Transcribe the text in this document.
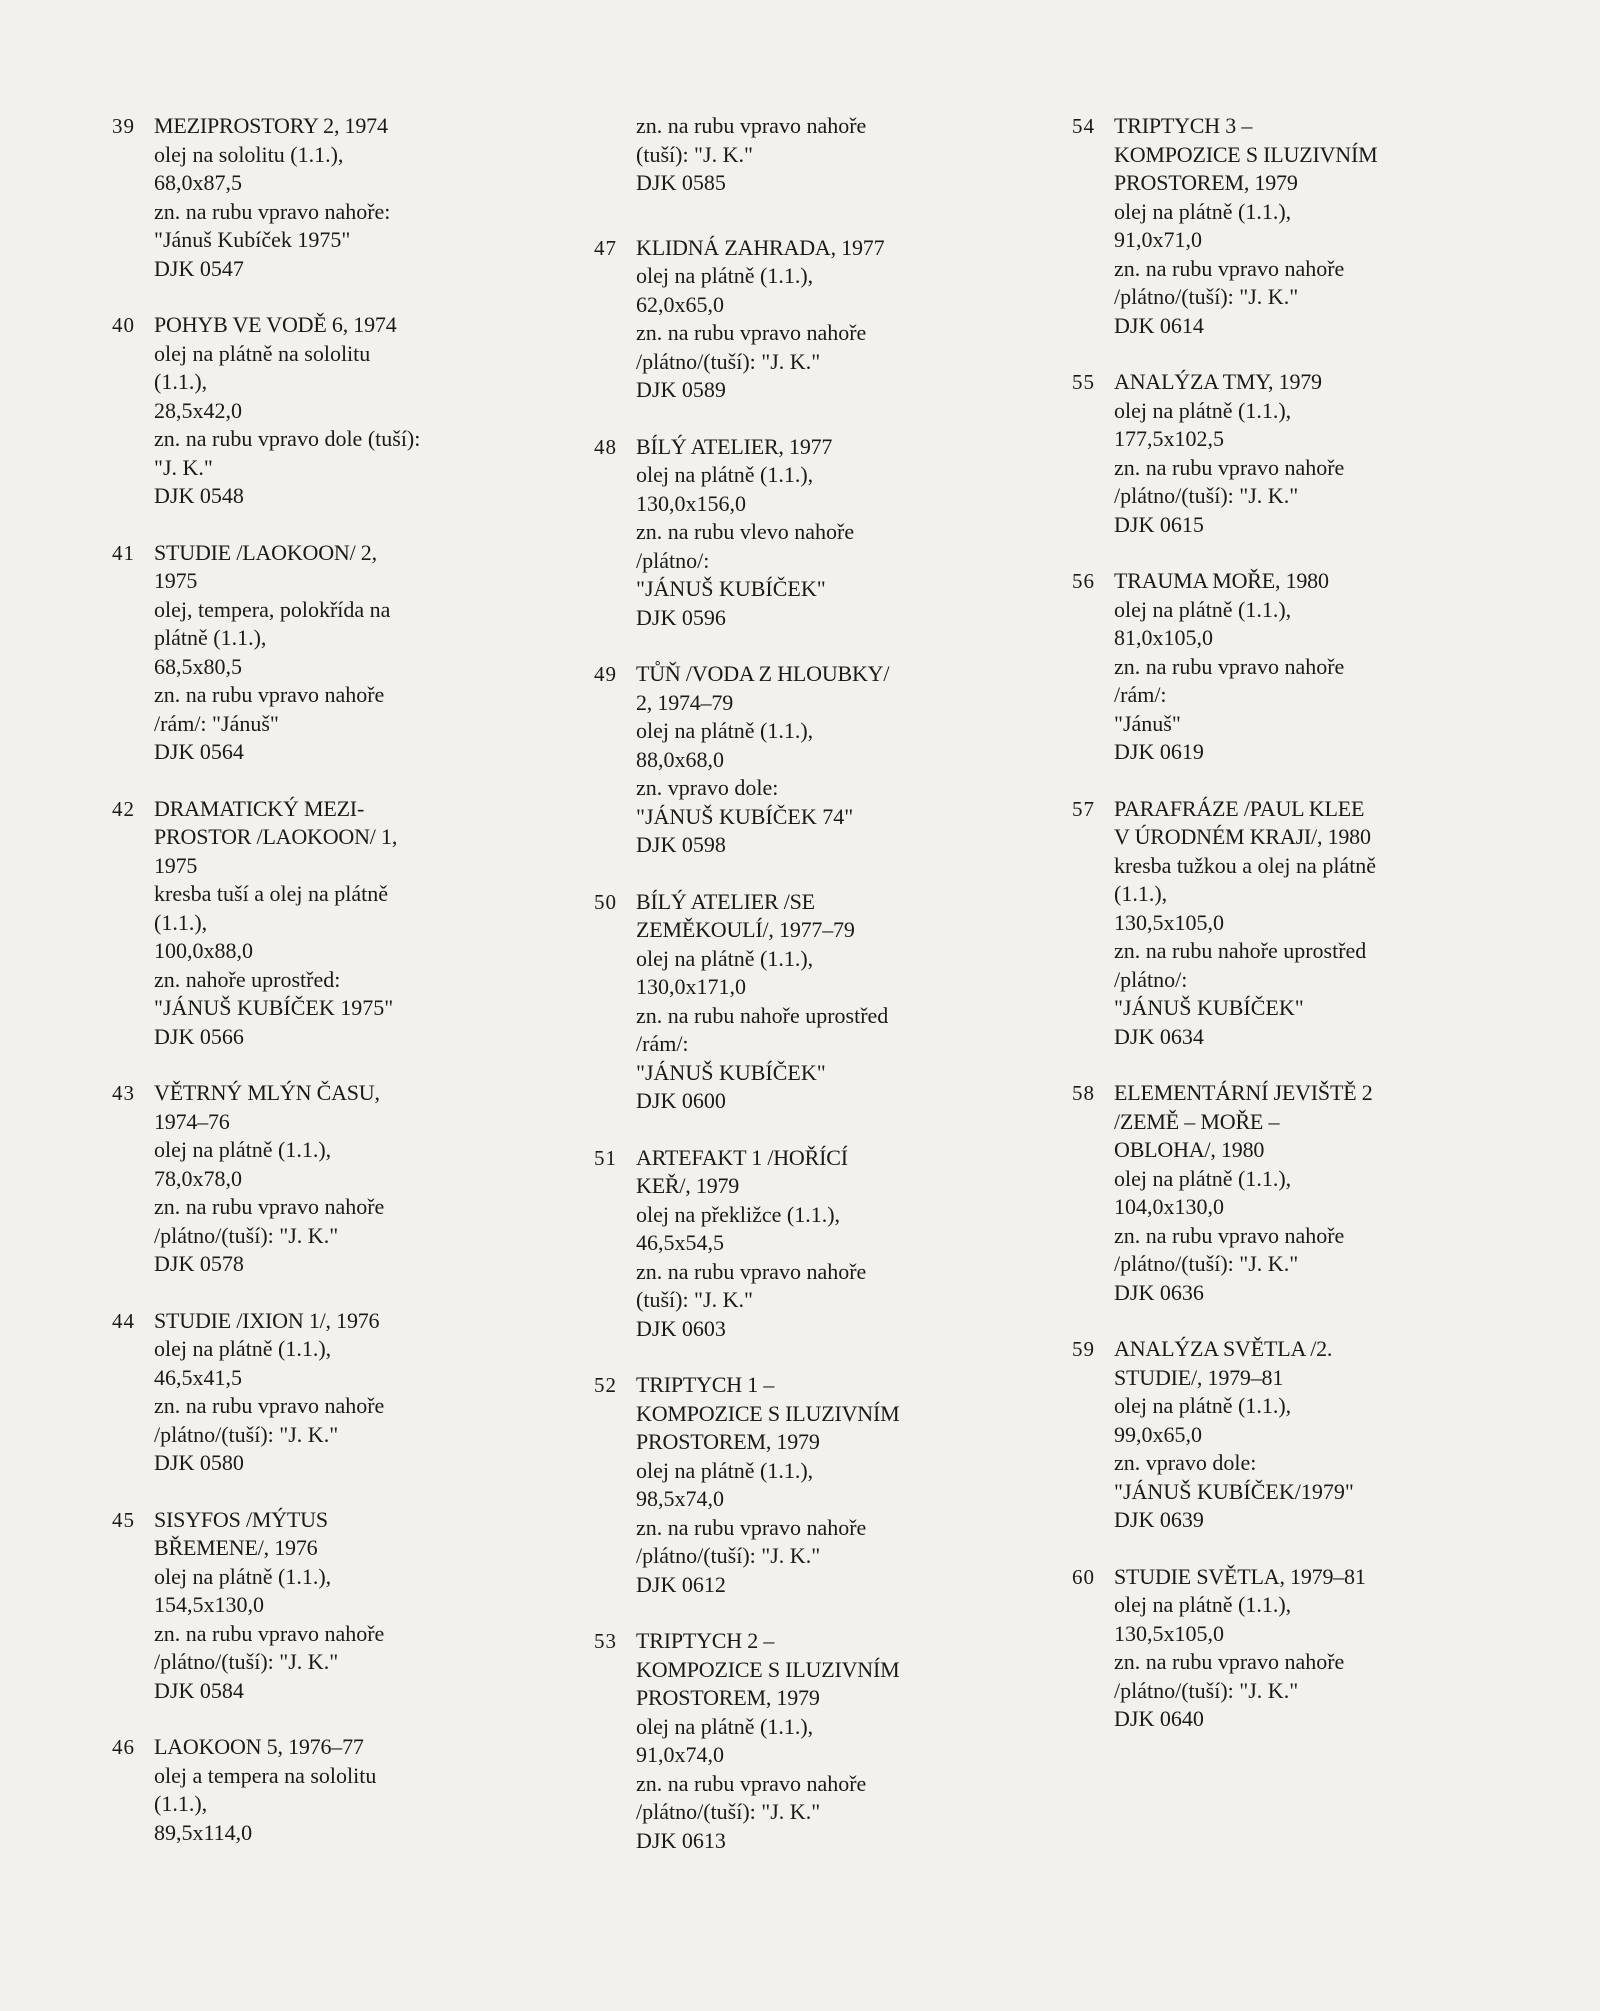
39 MEZIPROSTORY 2, 1974
olej na sololitu (1.1.),
68,0x87,5
zn. na rubu vpravo nahoře:
"Jánuš Kubíček 1975"
DJK 0547
40 POHYB VE VODĚ 6, 1974
olej na plátně na sololitu
(1.1.),
28,5x42,0
zn. na rubu vpravo dole (tuší):
"J. K."
DJK 0548
41 STUDIE /LAOKOON/ 2,
1975
olej, tempera, polokřída na
plátně (1.1.),
68,5x80,5
zn. na rubu vpravo nahoře
/rám/: "Jánuš"
DJK 0564
42 DRAMATICKÝ MEZI-
PROSTOR /LAOKOON/ 1,
1975
kresba tuší a olej na plátně
(1.1.),
100,0x88,0
zn. nahoře uprostřed:
"JÁNUŠ KUBÍČEK 1975"
DJK 0566
43 VĚTRNÝ MLÝN ČASU,
1974–76
olej na plátně (1.1.),
78,0x78,0
zn. na rubu vpravo nahoře
/plátno/(tuší): "J. K."
DJK 0578
44 STUDIE /IXION 1/, 1976
olej na plátně (1.1.),
46,5x41,5
zn. na rubu vpravo nahoře
/plátno/(tuší): "J. K."
DJK 0580
45 SISYFOS /MÝTUS
BŘEMENE/, 1976
olej na plátně (1.1.),
154,5x130,0
zn. na rubu vpravo nahoře
/plátno/(tuší): "J. K."
DJK 0584
46 LAOKOON 5, 1976–77
olej a tempera na sololitu
(1.1.),
89,5x114,0
zn. na rubu vpravo nahoře
(tuší): "J. K."
DJK 0585
47 KLIDNÁ ZAHRADA, 1977
olej na plátně (1.1.),
62,0x65,0
zn. na rubu vpravo nahoře
/plátno/(tuší): "J. K."
DJK 0589
48 BÍLÝ ATELIER, 1977
olej na plátně (1.1.),
130,0x156,0
zn. na rubu vlevo nahoře
/plátno/:
"JÁNUŠ KUBÍČEK"
DJK 0596
49 TŮŇ /VODA Z HLOUBKY/
2, 1974–79
olej na plátně (1.1.),
88,0x68,0
zn. vpravo dole:
"JÁNUŠ KUBÍČEK 74"
DJK 0598
50 BÍLÝ ATELIER /SE
ZEMĚKOULÍ/, 1977–79
olej na plátně (1.1.),
130,0x171,0
zn. na rubu nahoře uprostřed
/rám/:
"JÁNUŠ KUBÍČEK"
DJK 0600
51 ARTEFAKT 1 /HOŘÍCÍ
KEŘ/, 1979
olej na překližce (1.1.),
46,5x54,5
zn. na rubu vpravo nahoře
(tuší): "J. K."
DJK 0603
52 TRIPTYCH 1 –
KOMPOZICE S ILUZIVNÍM
PROSTOREM, 1979
olej na plátně (1.1.),
98,5x74,0
zn. na rubu vpravo nahoře
/plátno/(tuší): "J. K."
DJK 0612
53 TRIPTYCH 2 –
KOMPOZICE S ILUZIVNÍM
PROSTOREM, 1979
olej na plátně (1.1.),
91,0x74,0
zn. na rubu vpravo nahoře
/plátno/(tuší): "J. K."
DJK 0613
54 TRIPTYCH 3 –
KOMPOZICE S ILUZIVNÍM
PROSTOREM, 1979
olej na plátně (1.1.),
91,0x71,0
zn. na rubu vpravo nahoře
/plátno/(tuší): "J. K."
DJK 0614
55 ANALÝZA TMY, 1979
olej na plátně (1.1.),
177,5x102,5
zn. na rubu vpravo nahoře
/plátno/(tuší): "J. K."
DJK 0615
56 TRAUMA MOŘE, 1980
olej na plátně (1.1.),
81,0x105,0
zn. na rubu vpravo nahoře
/rám/:
"Jánuš"
DJK 0619
57 PARAFRÁZE /PAUL KLEE
V ÚRODNÉM KRAJI/, 1980
kresba tužkou a olej na plátně
(1.1.),
130,5x105,0
zn. na rubu nahoře uprostřed
/plátno/:
"JÁNUŠ KUBÍČEK"
DJK 0634
58 ELEMENTÁRNÍ JEVIŠTĚ 2
/ZEMĚ – MOŘE –
OBLOHA/, 1980
olej na plátně (1.1.),
104,0x130,0
zn. na rubu vpravo nahoře
/plátno/(tuší): "J. K."
DJK 0636
59 ANALÝZA SVĚTLA /2.
STUDIE/, 1979–81
olej na plátně (1.1.),
99,0x65,0
zn. vpravo dole:
"JÁNUŠ KUBÍČEK/1979"
DJK 0639
60 STUDIE SVĚTLA, 1979–81
olej na plátně (1.1.),
130,5x105,0
zn. na rubu vpravo nahoře
/plátno/(tuší): "J. K."
DJK 0640
